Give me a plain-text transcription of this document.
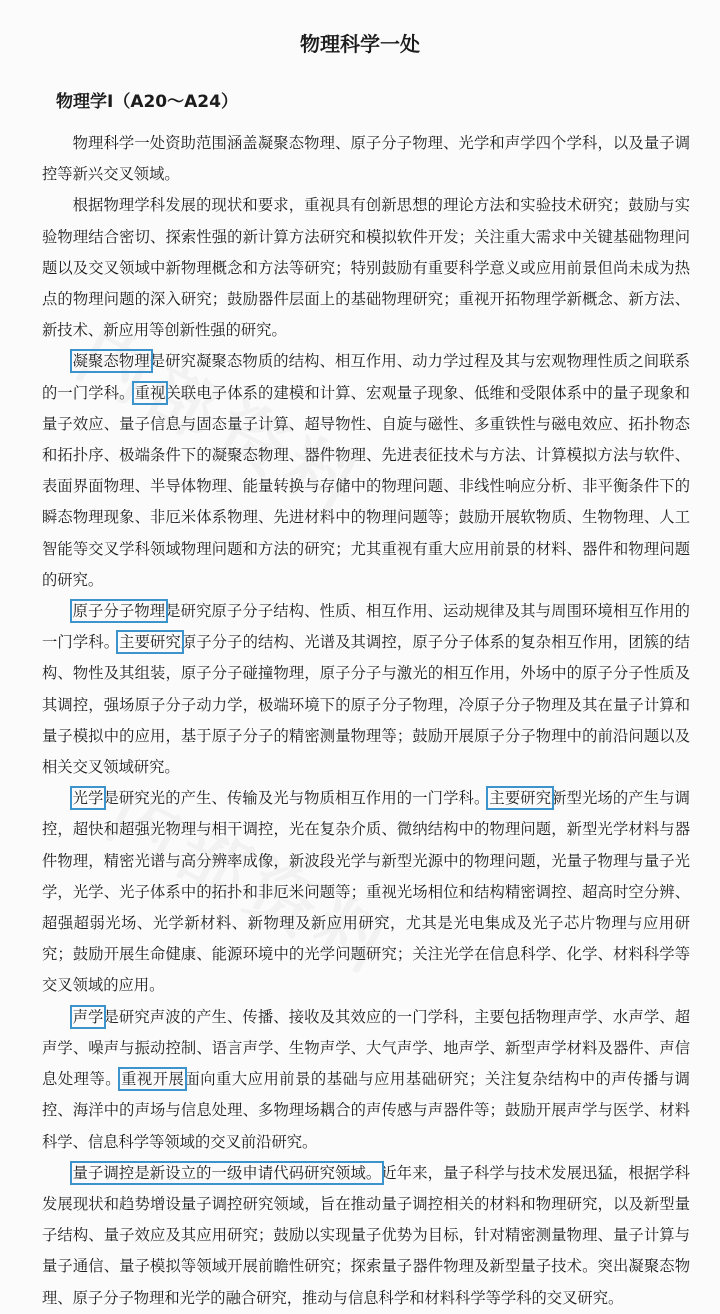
物理科学一处
物理学Ⅰ（A20～A24）

物理科学一处资助范围涵盖凝聚态物理、原子分子物理、光学和声学四个学科，以及量子调控等新兴交叉领域。

根据物理学科发展的现状和要求，重视具有创新思想的理论方法和实验技术研究；鼓励与实验物理结合密切、探索性强的新计算方法研究和模拟软件开发；关注重大需求中关键基础物理问题以及交叉领域中新物理概念和方法等研究；特别鼓励有重要科学意义或应用前景但尚未成为热点的物理问题的深入研究；鼓励器件层面上的基础物理研究；重视开拓物理学新概念、新方法、新技术、新应用等创新性强的研究。

凝聚态物理是研究凝聚态物质的结构、相互作用、动力学过程及其与宏观物理性质之间联系的一门学科。重视关联电子体系的建模和计算、宏观量子现象、低维和受限体系中的量子现象和量子效应、量子信息与固态量子计算、超导物性、自旋与磁性、多重铁性与磁电效应、拓扑物态和拓扑序、极端条件下的凝聚态物理、器件物理、先进表征技术与方法、计算模拟方法与软件、表面界面物理、半导体物理、能量转换与存储中的物理问题、非线性响应分析、非平衡条件下的瞬态物理现象、非厄米体系物理、先进材料中的物理问题等；鼓励开展软物质、生物物理、人工智能等交叉学科领域物理问题和方法的研究；尤其重视有重大应用前景的材料、器件和物理问题的研究。

原子分子物理是研究原子分子结构、性质、相互作用、运动规律及其与周围环境相互作用的一门学科。主要研究原子分子的结构、光谱及其调控，原子分子体系的复杂相互作用，团簇的结构、物性及其组装，原子分子碰撞物理，原子分子与激光的相互作用，外场中的原子分子性质及其调控，强场原子分子动力学，极端环境下的原子分子物理，冷原子分子物理及其在量子计算和量子模拟中的应用，基于原子分子的精密测量物理等；鼓励开展原子分子物理中的前沿问题以及相关交叉领域研究。

光学是研究光的产生、传输及光与物质相互作用的一门学科。主要研究新型光场的产生与调控，超快和超强光物理与相干调控，光在复杂介质、微纳结构中的物理问题，新型光学材料与器件物理，精密光谱与高分辨率成像，新波段光学与新型光源中的物理问题，光量子物理与量子光学，光学、光子体系中的拓扑和非厄米问题等；重视光场相位和结构精密调控、超高时空分辨、超强超弱光场、光学新材料、新物理及新应用研究，尤其是光电集成及光子芯片物理与应用研究；鼓励开展生命健康、能源环境中的光学问题研究；关注光学在信息科学、化学、材料科学等交叉领域的应用。

声学是研究声波的产生、传播、接收及其效应的一门学科，主要包括物理声学、水声学、超声学、噪声与振动控制、语言声学、生物声学、大气声学、地声学、新型声学材料及器件、声信息处理等。重视开展面向重大应用前景的基础与应用基础研究；关注复杂结构中的声传播与调控、海洋中的声场与信息处理、多物理场耦合的声传感与声器件等；鼓励开展声学与医学、材料科学、信息科学等领域的交叉前沿研究。

量子调控是新设立的一级申请代码研究领域。近年来，量子科学与技术发展迅猛，根据学科发展现状和趋势增设量子调控研究领域，旨在推动量子调控相关的材料和物理研究，以及新型量子结构、量子效应及其应用研究；鼓励以实现量子优势为目标，针对精密测量物理、量子计算与量子通信、量子模拟等领域开展前瞻性研究；探索量子器件物理及新型量子技术。突出凝聚态物理、原子分子物理和光学的融合研究，推动与信息科学和材料科学等学科的交叉研究。
